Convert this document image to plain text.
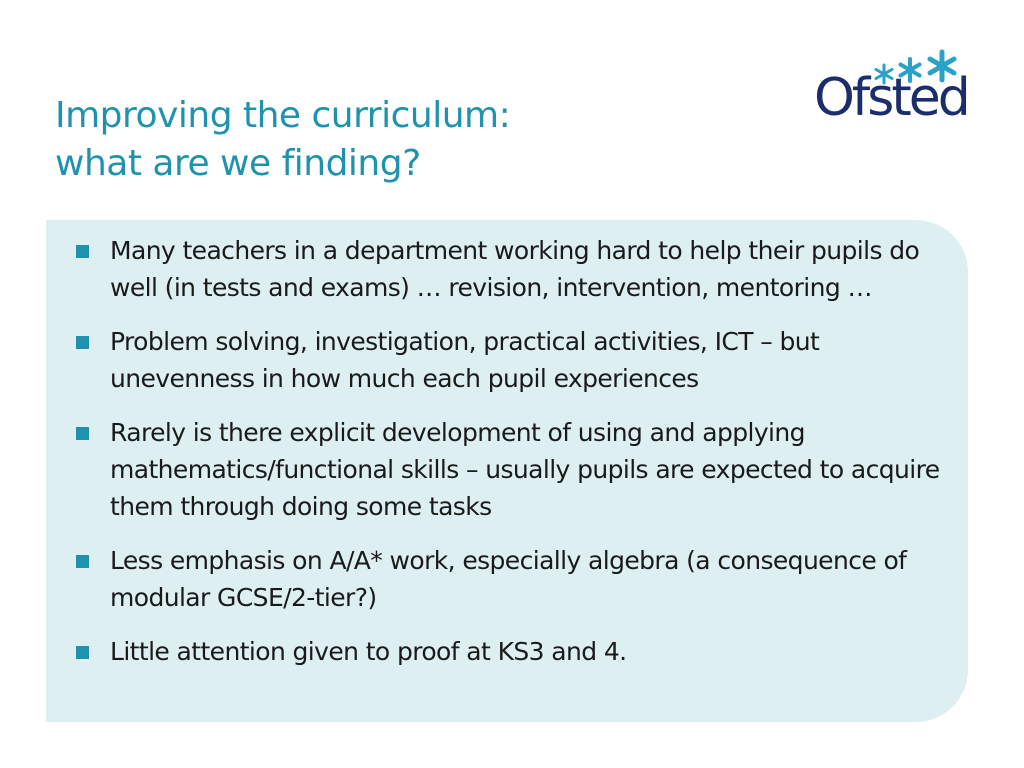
Improving the curriculum:
what are we finding?
Ofsted
Many teachers in a department working hard to help their pupils do well (in tests and exams) … revision, intervention, mentoring …
Problem solving, investigation, practical activities, ICT – but unevenness in how much each pupil experiences
Rarely is there explicit development of using and applying mathematics/functional skills – usually pupils are expected to acquire them through doing some tasks
Less emphasis on A/A* work, especially algebra (a consequence of modular GCSE/2-tier?)
Little attention given to proof at KS3 and 4.
